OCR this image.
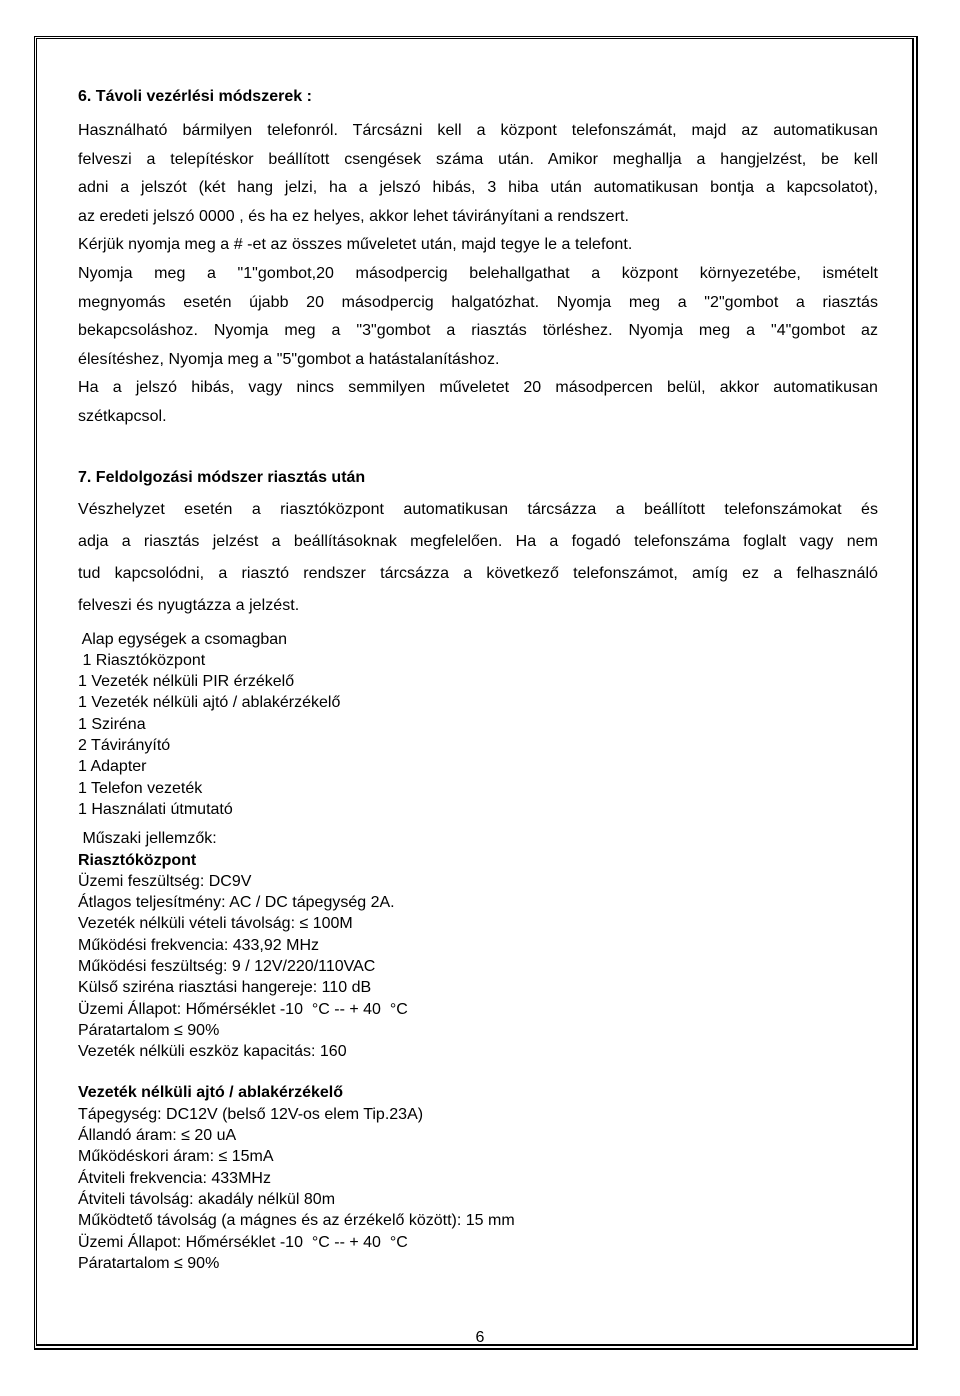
6. Távoli vezérlési módszerek :

Használható bármilyen telefonról. Tárcsázni kell a központ telefonszámát, majd az automatikusan

felveszi a telepítéskor beállított csengések száma után. Amikor meghallja a hangjelzést, be kell

adni a jelszót (két hang jelzi, ha a jelszó hibás, 3 hiba után automatikusan bontja a kapcsolatot),

az eredeti jelszó 0000 , és ha ez helyes, akkor lehet távirányítani a rendszert.

Kérjük nyomja meg a # -et az összes műveletet után, majd tegye le a telefont.

Nyomja meg a "1"gombot,20 másodpercig belehallgathat a központ környezetébe, ismételt

megnyomás esetén újabb 20 másodpercig halgatózhat. Nyomja meg a "2"gombot a riasztás

bekapcsoláshoz. Nyomja meg a "3"gombot a riasztás törléshez. Nyomja meg a "4"gombot az

élesítéshez, Nyomja meg a "5"gombot a hatástalanításhoz.

Ha a jelszó hibás, vagy nincs semmilyen műveletet 20 másodpercen belül, akkor automatikusan

szétkapcsol.

7. Feldolgozási módszer riasztás után

Vészhelyzet esetén a riasztóközpont automatikusan tárcsázza a beállított telefonszámokat és

adja a riasztás jelzést a beállításoknak megfelelően. Ha a fogadó telefonszáma foglalt vagy nem

tud kapcsolódni, a riasztó rendszer tárcsázza a következő telefonszámot, amíg ez a felhasználó

felveszi és nyugtázza a jelzést.

Alap egységek a csomagban
1 Riasztóközpont
1 Vezeték nélküli PIR érzékelő
1 Vezeték nélküli ajtó / ablakérzékelő
1 Sziréna
2 Távirányító
1 Adapter
1 Telefon vezeték
1 Használati útmutató
Műszaki jellemzők:
Riasztóközpont
Üzemi feszültség: DC9V
Átlagos teljesítmény: AC / DC tápegység 2A.
Vezeték nélküli vételi távolság: ≤ 100M
Működési frekvencia: 433,92 MHz
Működési feszültség: 9 / 12V/220/110VAC
Külső sziréna riasztási hangereje: 110 dB
Üzemi Állapot: Hőmérséklet -10  °C -- + 40  °C
Páratartalom ≤ 90%
Vezeték nélküli eszköz kapacitás: 160
Vezeték nélküli ajtó / ablakérzékelő
Tápegység: DC12V (belső 12V-os elem Tip.23A)
Állandó áram: ≤ 20 uA
Működéskori áram: ≤ 15mA
Átviteli frekvencia: 433MHz
Átviteli távolság: akadály nélkül 80m
Működtető távolság (a mágnes és az érzékelő között): 15 mm
Üzemi Állapot: Hőmérséklet -10  °C -- + 40  °C
Páratartalom ≤ 90%
6
